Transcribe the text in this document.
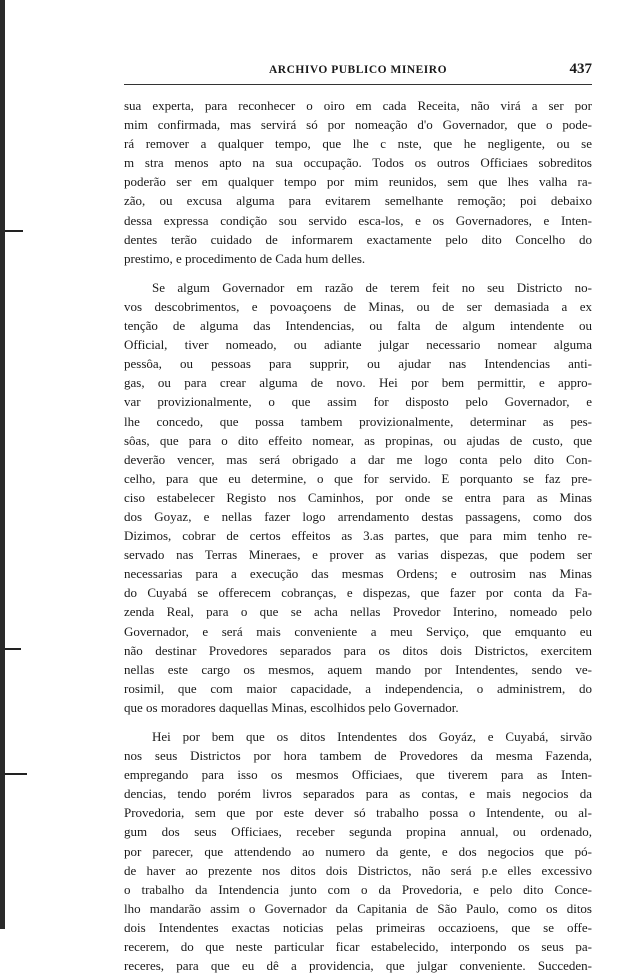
ARCHIVO PUBLICO MINEIRO	437
sua experta, para reconhecer o oiro em cada Receita, não virá a ser por
mim confirmada, mas servirá só por nomeação d'o Governador, que o pode-
rá remover a qualquer tempo, que lhe c nste, que he negligente, ou se
m stra menos apto na sua occupação. Todos os outros Officiaes sobreditos
poderão ser em qualquer tempo por mim reunidos, sem que lhes valha ra-
zão, ou excusa alguma para evitarem semelhante remoção; poi debaixo
dessa expressa condição sou servido esca-los, e os Governadores, e Inten-
dentes terão cuidado de informarem exactamente pelo dito Concelho do
prestimo, e procedimento de Cada hum delles.
Se algum Governador em razão de terem feit no seu Districto no-
vos descobrimentos, e povoaçoens de Minas, ou de ser demasiada a ex
tenção de alguma das Intendencias, ou falta de algum intendente ou
Official, tiver nomeado, ou adiante julgar necessario nomear alguma
pessôa, ou pessoas para supprir, ou ajudar nas Intendencias anti-
gas, ou para crear alguma de novo. Hei por bem permittir, e appro-
var provizionalmente, o que assim for disposto pelo Governador, e
lhe concedo, que possa tambem provizionalmente, determinar as pes-
sôas, que para o dito effeito nomear, as propinas, ou ajudas de custo, que
deverão vencer, mas será obrigado a dar me logo conta pelo dito Con-
celho, para que eu determine, o que for servido. E porquanto se faz pre-
ciso estabelecer Registo nos Caminhos, por onde se entra para as Minas
dos Goyaz, e nellas fazer logo arrendamento destas passagens, como dos
Dizimos, cobrar de certos effeitos as 3.as partes, que para mim tenho re-
servado nas Terras Mineraes, e prover as varias dispezas, que podem ser
necessarias para a execução das mesmas Ordens; e outrosim nas Minas
do Cuyabá se offerecem cobranças, e dispezas, que fazer por conta da Fa-
zenda Real, para o que se acha nellas Provedor Interino, nomeado pelo
Governador, e será mais conveniente a meu Serviço, que emquanto eu
não destinar Provedores separados para os ditos dois Districtos, exercitem
nellas este cargo os mesmos, aquem mando por Intendentes, sendo ve-
rosimil, que com maior capacidade, a independencia, o administrem, do
que os moradores daquellas Minas, escolhidos pelo Governador.
Hei por bem que os ditos Intendentes dos Goyáz, e Cuyabá, sirvão
nos seus Districtos por hora tambem de Provedores da mesma Fazenda,
empregando para isso os mesmos Officiaes, que tiverem para as Inten-
dencias, tendo porém livros separados para as contas, e mais negocios da
Provedoria, sem que por este dever só trabalho possa o Intendente, ou al-
gum dos seus Officiaes, receber segunda propina annual, ou ordenado,
por parecer, que attendendo ao numero da gente, e dos negocios que pó-
de haver ao prezente nos ditos dois Districtos, não será p.e elles excessivo
o trabalho da Intendencia junto com o da Provedoria, e pelo dito Conce-
lho mandarão assim o Governador da Capitania de São Paulo, como os ditos
dois Intendentes exactas noticias pelas primeiras occazioens, que se offe-
recerem, do que neste particular ficar estabelecido, interpondo os seus pa-
receres, para que eu dê a providencia, que julgar conveniente. Succeden-
